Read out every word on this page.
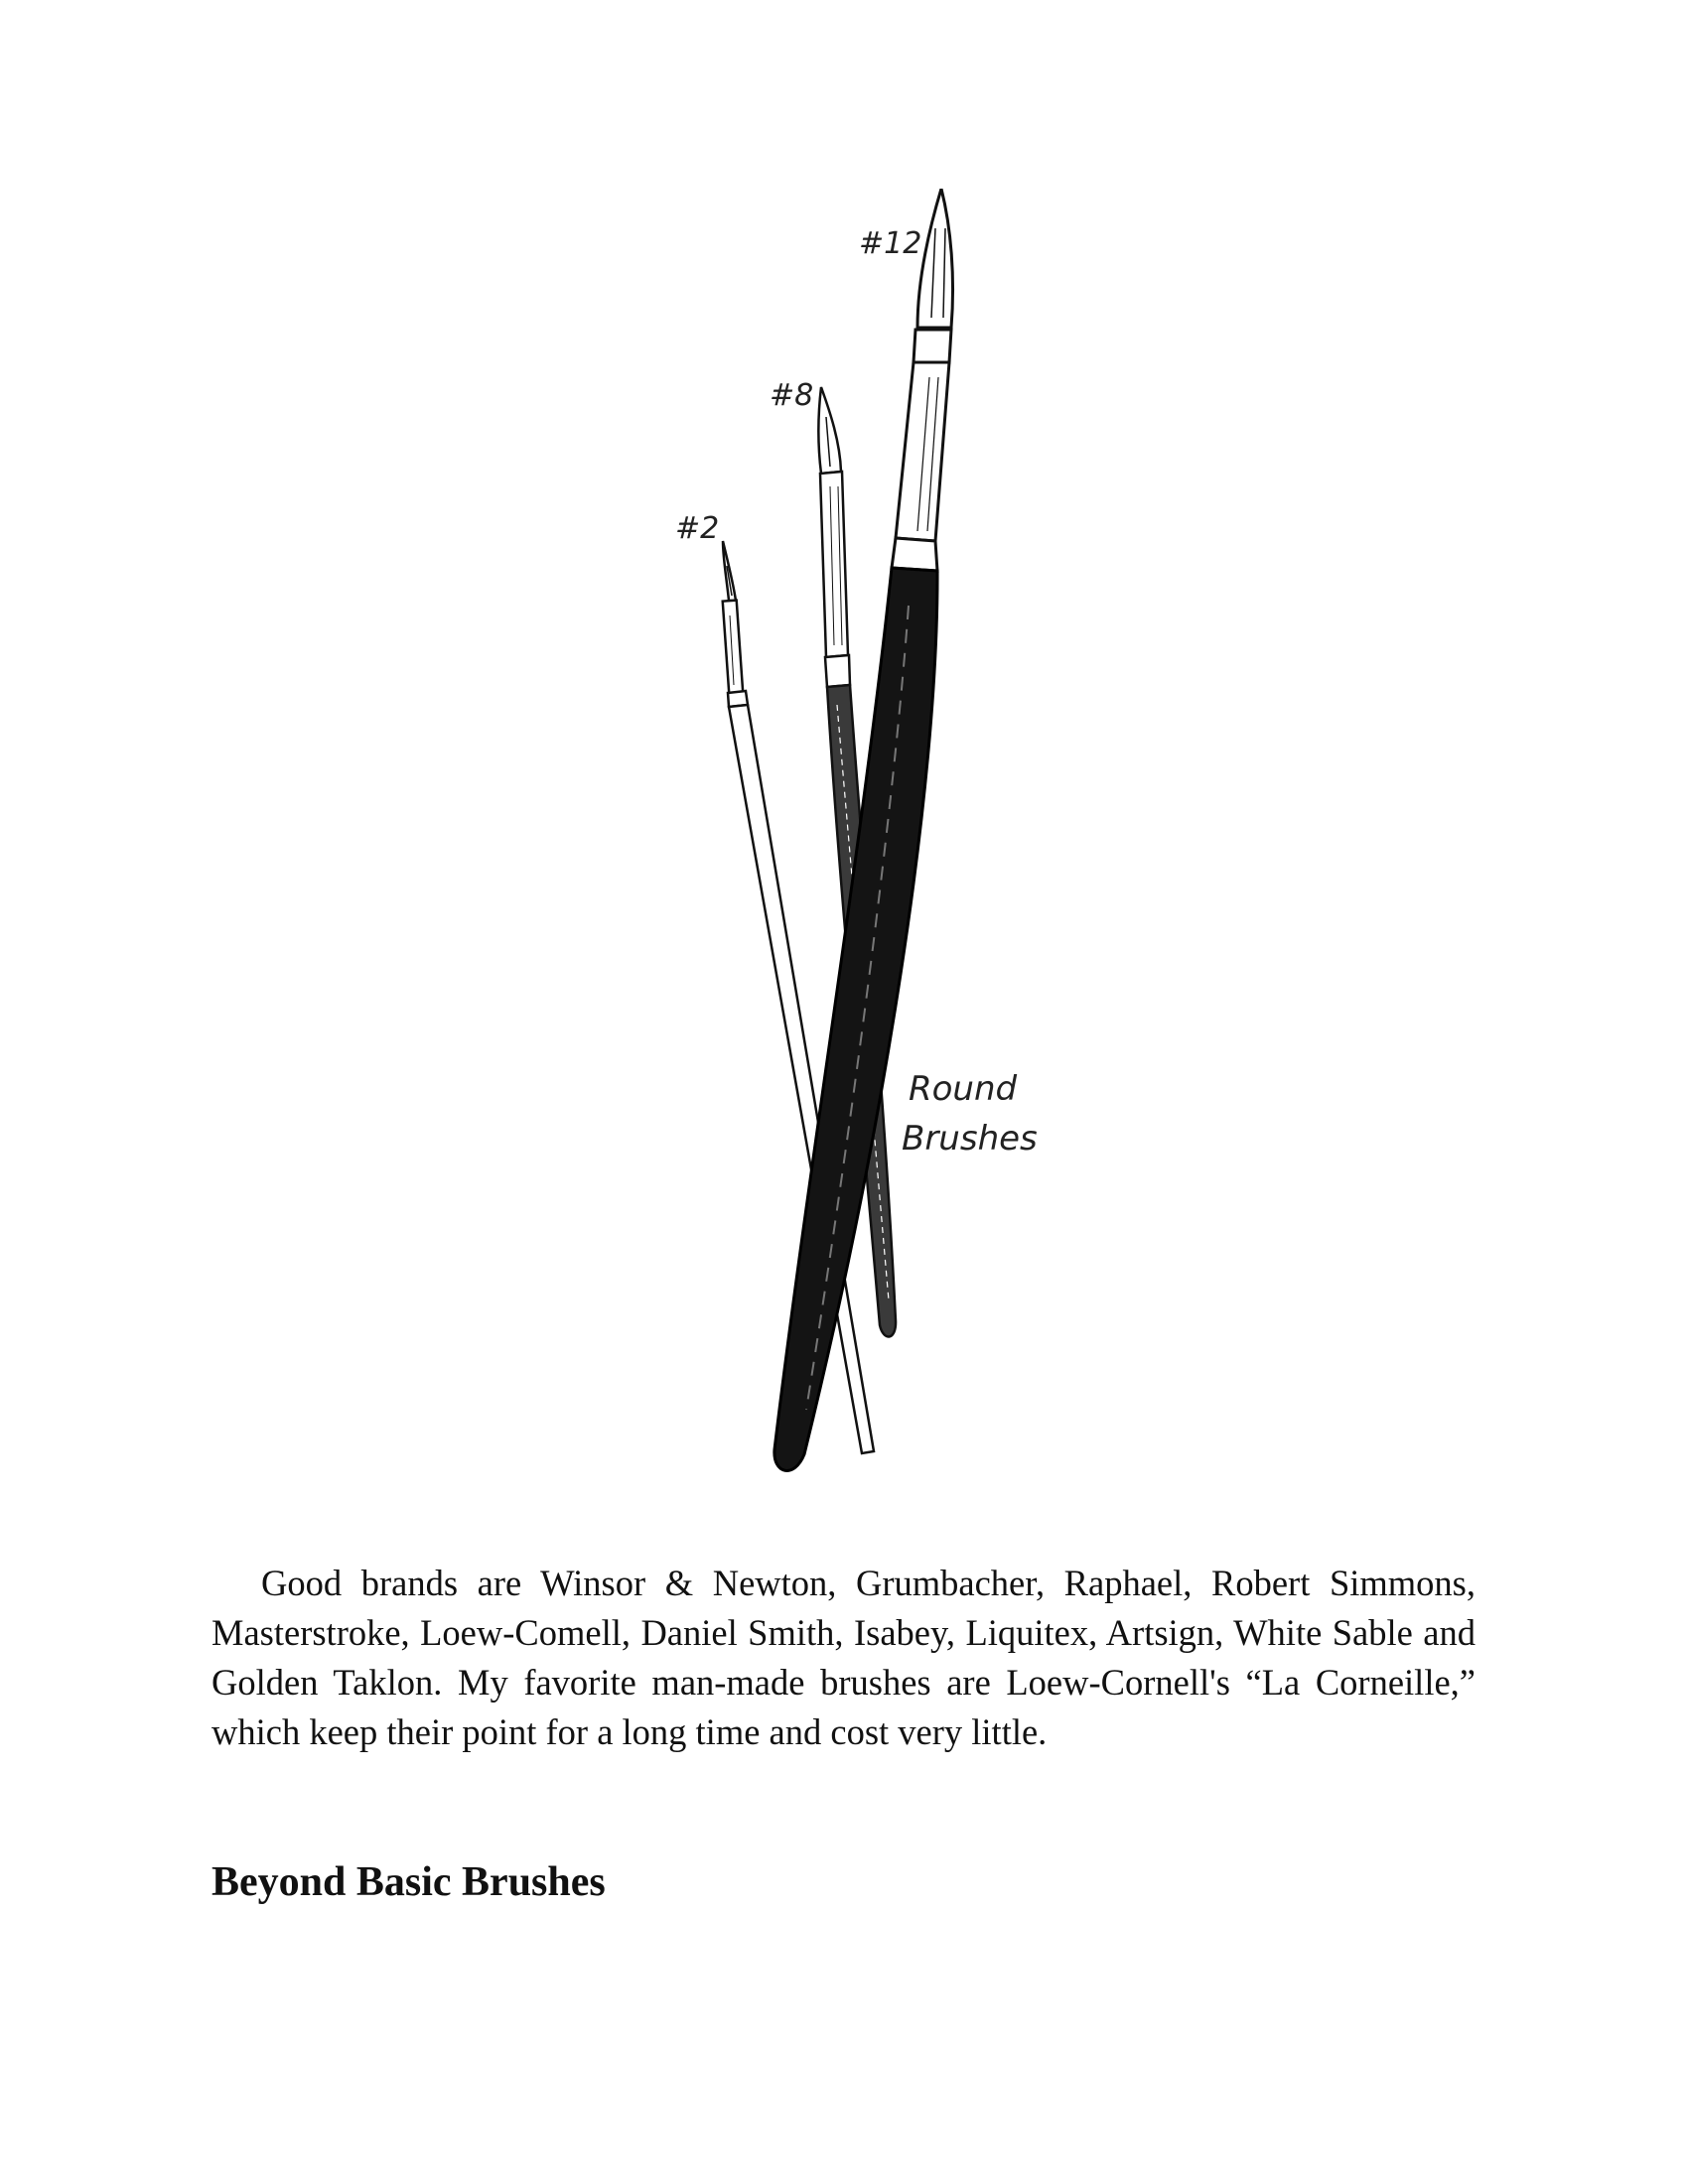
#2
#8
#12
Round
Brushes

Good brands are Winsor & Newton, Grumbacher, Raphael, Robert Simmons, Masterstroke, Loew-Comell, Daniel Smith, Isabey, Liquitex, Artsign, White Sable and Golden Taklon. My favorite man-made brushes are Loew-Cornell's “La Corneille,” which keep their point for a long time and cost very little.

Beyond Basic Brushes
